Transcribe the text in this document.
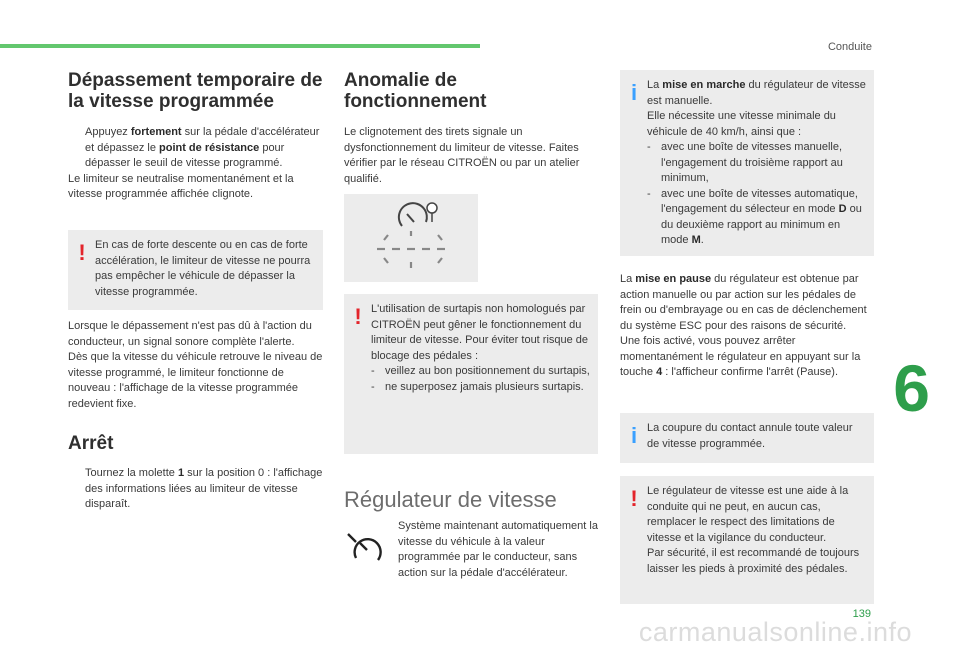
Conduite
6
139
carmanualsonline.info
Dépassement temporaire de
la vitesse programmée
Appuyez fortement sur la pédale d'accélérateur et dépassez le point de résistance pour dépasser le seuil de vitesse programmé.

Le limiteur se neutralise momentanément et la vitesse programmée affichée clignote.

! En cas de forte descente ou en cas de forte accélération, le limiteur de vitesse ne pourra pas empêcher le véhicule de dépasser la vitesse programmée.

Lorsque le dépassement n'est pas dû à l'action du conducteur, un signal sonore complète l'alerte.

Dès que la vitesse du véhicule retrouve le niveau de vitesse programmé, le limiteur fonctionne de nouveau : l'affichage de la vitesse programmée redevient fixe.

Arrêt
Tournez la molette 1 sur la position 0 : l'affichage des informations liées au limiteur de vitesse disparaît.
Anomalie de
fonctionnement

Le clignotement des tirets signale un dysfonctionnement du limiteur de vitesse. Faites vérifier par le réseau CITROËN ou par un atelier qualifié.

! L'utilisation de surtapis non homologués par CITROËN peut gêner le fonctionnement du limiteur de vitesse. Pour éviter tout risque de blocage des pédales :
- veillez au bon positionnement du surtapis,
- ne superposez jamais plusieurs surtapis.
Régulateur de vitesse
Système maintenant automatiquement la vitesse du véhicule à la valeur programmée par le conducteur, sans action sur la pédale d'accélérateur.
i La mise en marche du régulateur de vitesse est manuelle.
Elle nécessite une vitesse minimale du véhicule de 40 km/h, ainsi que :
- avec une boîte de vitesses manuelle, l'engagement du troisième rapport au minimum,
- avec une boîte de vitesses automatique, l'engagement du sélecteur en mode D ou du deuxième rapport au minimum en mode M.

La mise en pause du régulateur est obtenue par action manuelle ou par action sur les pédales de frein ou d'embrayage ou en cas de déclenchement du système ESC pour des raisons de sécurité.

Une fois activé, vous pouvez arrêter momentanément le régulateur en appuyant sur la touche 4 : l'afficheur confirme l'arrêt (Pause).

i La coupure du contact annule toute valeur de vitesse programmée.
! Le régulateur de vitesse est une aide à la conduite qui ne peut, en aucun cas, remplacer le respect des limitations de vitesse et la vigilance du conducteur.
Par sécurité, il est recommandé de toujours laisser les pieds à proximité des pédales.
